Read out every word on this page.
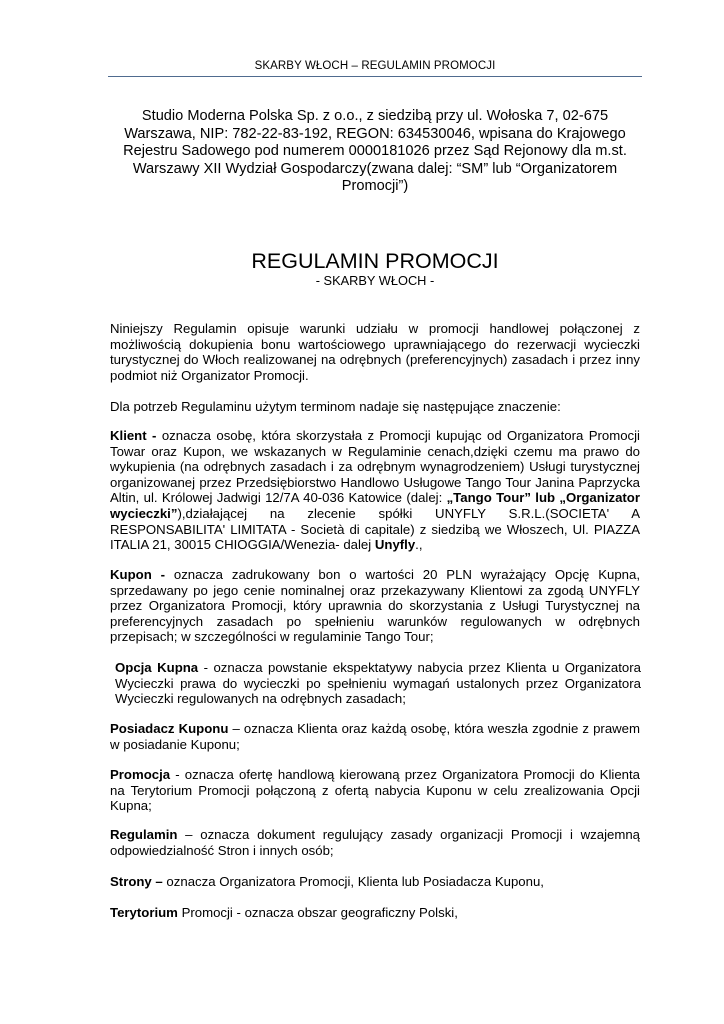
SKARBY WŁOCH – REGULAMIN PROMOCJI
Studio Moderna Polska Sp. z o.o., z siedzibą przy ul. Wołoska 7, 02-675 Warszawa, NIP: 782-22-83-192, REGON: 634530046, wpisana do Krajowego Rejestru Sadowego pod numerem 0000181026 przez Sąd Rejonowy dla m.st. Warszawy XII Wydział Gospodarczy(zwana dalej: “SM” lub “Organizatorem Promocji”)
REGULAMIN PROMOCJI
- SKARBY WŁOCH -

Niniejszy Regulamin opisuje warunki udziału w promocji handlowej połączonej z możliwością dokupienia bonu wartościowego uprawniającego do rezerwacji wycieczki turystycznej do Włoch realizowanej na odrębnych (preferencyjnych) zasadach i przez inny podmiot niż Organizator Promocji.

Dla potrzeb Regulaminu użytym terminom nadaje się następujące znaczenie:

Klient - oznacza osobę, która skorzystała z Promocji kupując od Organizatora Promocji Towar oraz Kupon, we wskazanych w Regulaminie cenach,dzięki czemu ma prawo do wykupienia (na odrębnych zasadach i za odrębnym wynagrodzeniem) Usługi turystycznej organizowanej przez Przedsiębiorstwo Handlowo Usługowe Tango Tour Janina Paprzycka Altin, ul. Królowej Jadwigi 12/7A 40-036 Katowice (dalej: „Tango Tour” lub „Organizator wycieczki”),działającej na zlecenie spółki UNYFLY S.R.L.(SOCIETA' A RESPONSABILITA' LIMITATA - Società di capitale) z siedzibą we Włoszech, Ul. PIAZZA ITALIA 21, 30015 CHIOGGIA/Wenezia- dalej Unyfly.,

Kupon - oznacza zadrukowany bon o wartości 20 PLN wyrażający Opcję Kupna, sprzedawany po jego cenie nominalnej oraz przekazywany Klientowi za zgodą UNYFLY przez Organizatora Promocji, który uprawnia do skorzystania z Usługi Turystycznej na preferencyjnych zasadach po spełnieniu warunków regulowanych w odrębnych przepisach; w szczególności w regulaminie Tango Tour;

Opcja Kupna - oznacza powstanie ekspektatywy nabycia przez Klienta u Organizatora Wycieczki prawa do wycieczki po spełnieniu wymagań ustalonych przez Organizatora Wycieczki regulowanych na odrębnych zasadach;

Posiadacz Kuponu – oznacza Klienta oraz każdą osobę, która weszła zgodnie z prawem w posiadanie Kuponu;

Promocja - oznacza ofertę handlową kierowaną przez Organizatora Promocji do Klienta na Terytorium Promocji połączoną z ofertą nabycia Kuponu w celu zrealizowania Opcji Kupna;

Regulamin – oznacza dokument regulujący zasady organizacji Promocji i wzajemną odpowiedzialność Stron i innych osób;

Strony – oznacza Organizatora Promocji, Klienta lub Posiadacza Kuponu,

Terytorium Promocji - oznacza obszar geograficzny Polski,
